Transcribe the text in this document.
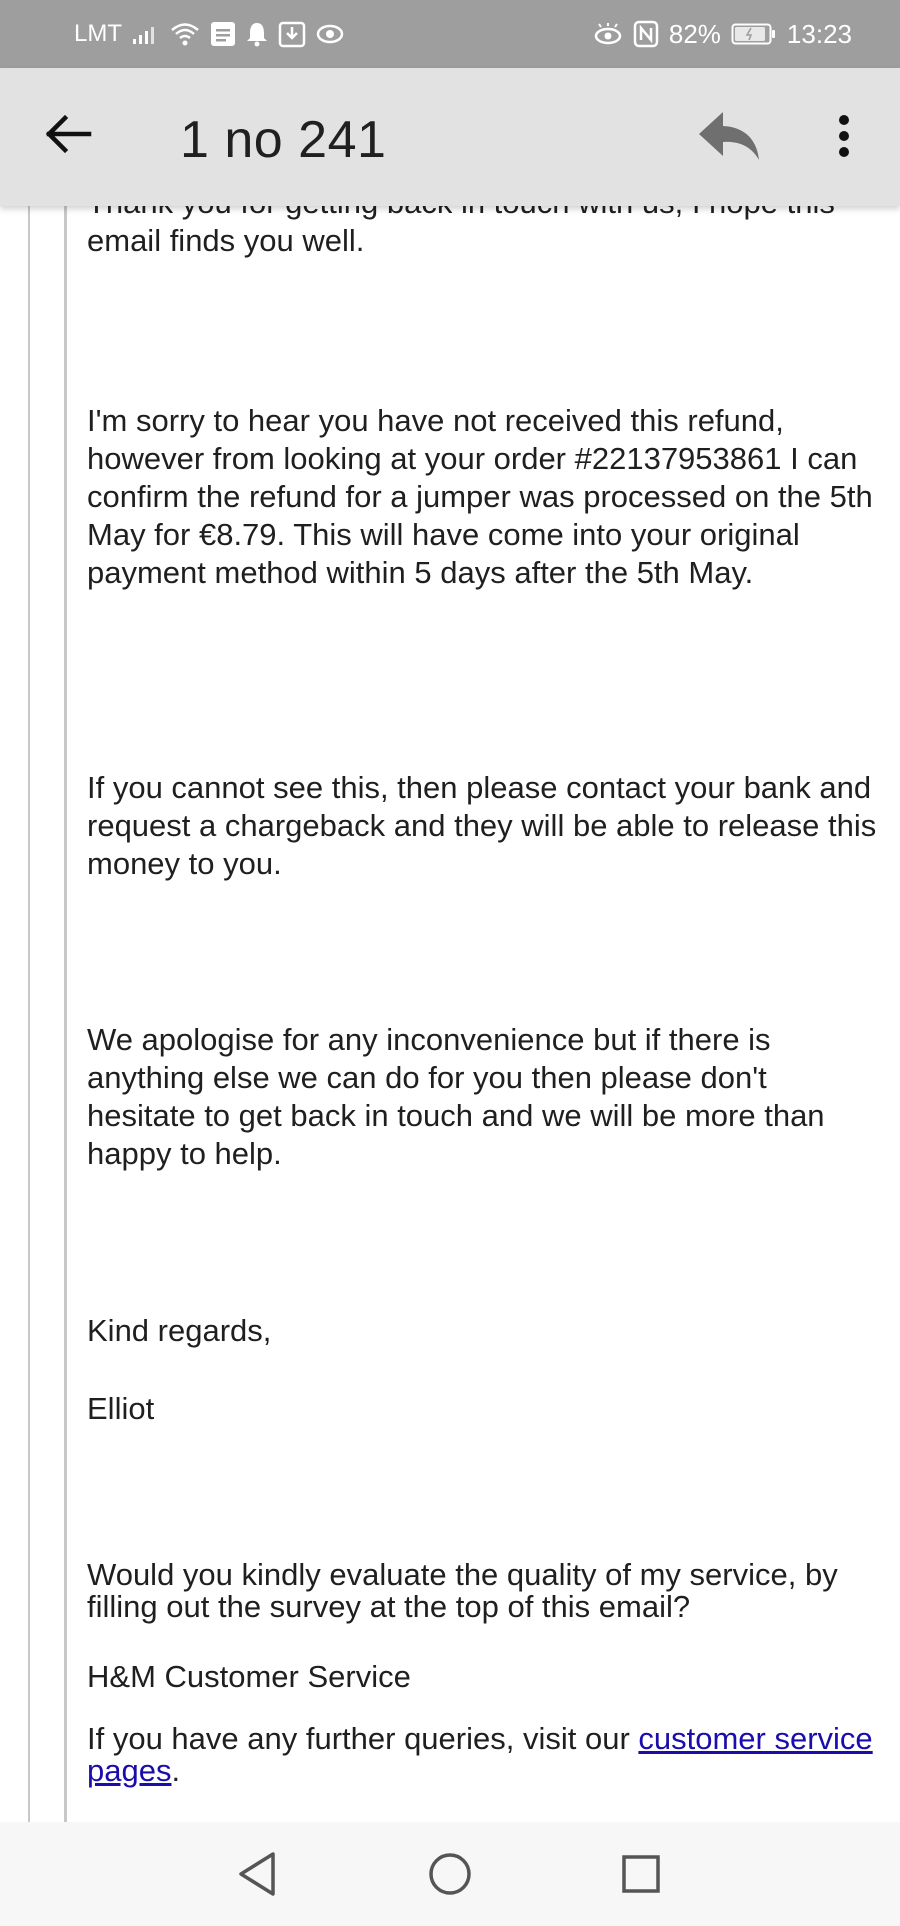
LMT	82%	13:23
1 no 241

email finds you well.

I'm sorry to hear you have not received this refund, however from looking at your order #22137953861 I can confirm the refund for a jumper was processed on the 5th May for €8.79. This will have come into your original payment method within 5 days after the 5th May.

If you cannot see this, then please contact your bank and request a chargeback and they will be able to release this money to you.

We apologise for any inconvenience but if there is anything else we can do for you then please don't hesitate to get back in touch and we will be more than happy to help.

Kind regards,

Elliot

Would you kindly evaluate the quality of my service, by filling out the survey at the top of this email?

H&M Customer Service

If you have any further queries, visit our customer service pages.
